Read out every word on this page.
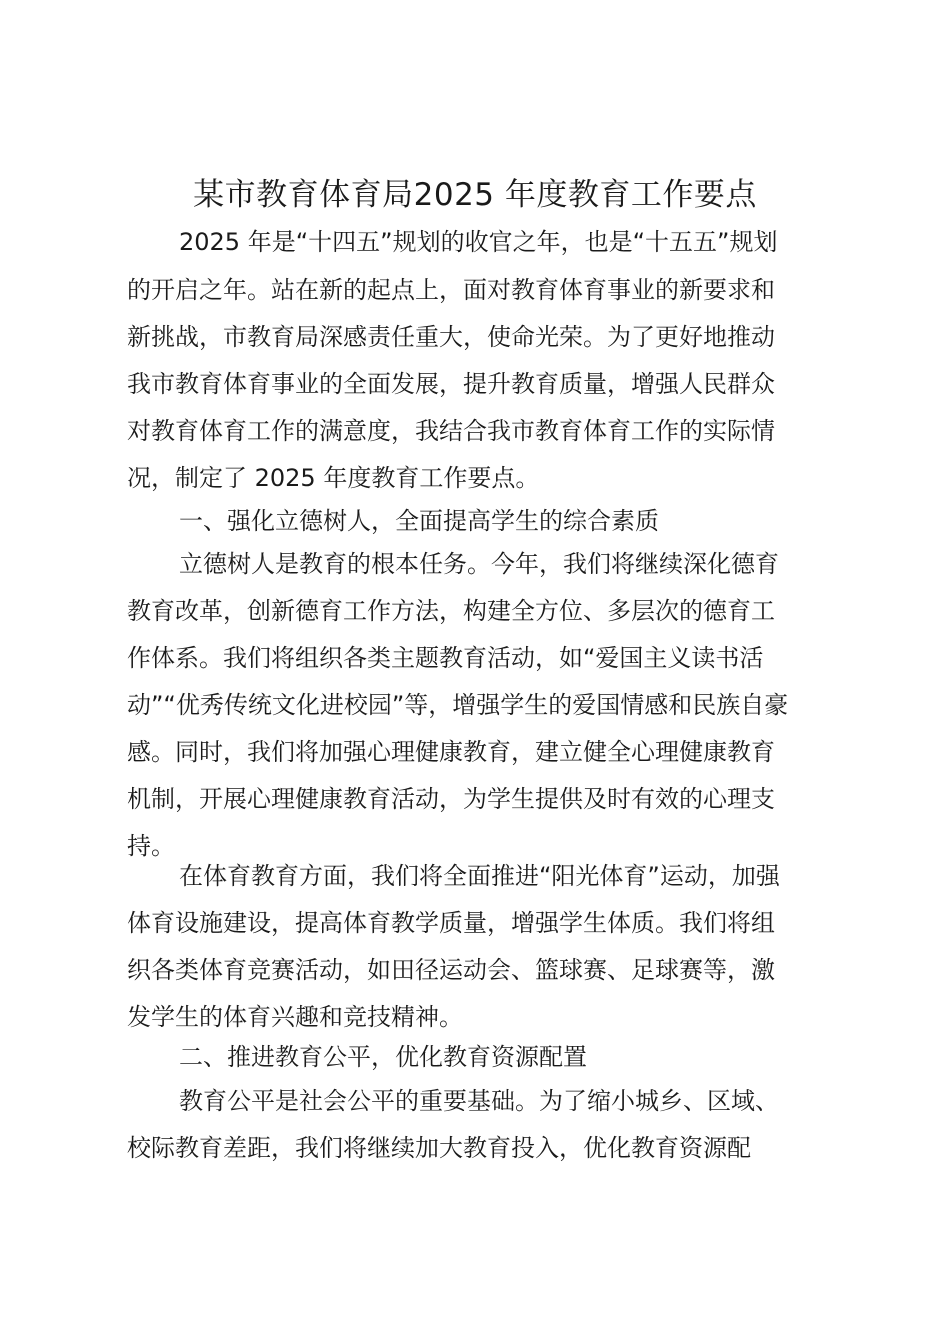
某市教育体育局2025 年度教育工作要点

2025 年是“十四五”规划的收官之年，也是“十五五”规划

的开启之年。站在新的起点上，面对教育体育事业的新要求和

新挑战，市教育局深感责任重大，使命光荣。为了更好地推动

我市教育体育事业的全面发展，提升教育质量，增强人民群众

对教育体育工作的满意度，我结合我市教育体育工作的实际情

况，制定了 2025 年度教育工作要点。

一、强化立德树人，全面提高学生的综合素质

立德树人是教育的根本任务。今年，我们将继续深化德育

教育改革，创新德育工作方法，构建全方位、多层次的德育工

作体系。我们将组织各类主题教育活动，如“爱国主义读书活

动”“优秀传统文化进校园”等，增强学生的爱国情感和民族自豪

感。同时，我们将加强心理健康教育，建立健全心理健康教育

机制，开展心理健康教育活动，为学生提供及时有效的心理支

持。

在体育教育方面，我们将全面推进“阳光体育”运动，加强

体育设施建设，提高体育教学质量，增强学生体质。我们将组

织各类体育竞赛活动，如田径运动会、篮球赛、足球赛等，激

发学生的体育兴趣和竞技精神。

二、推进教育公平，优化教育资源配置

教育公平是社会公平的重要基础。为了缩小城乡、区域、

校际教育差距，我们将继续加大教育投入，优化教育资源配
